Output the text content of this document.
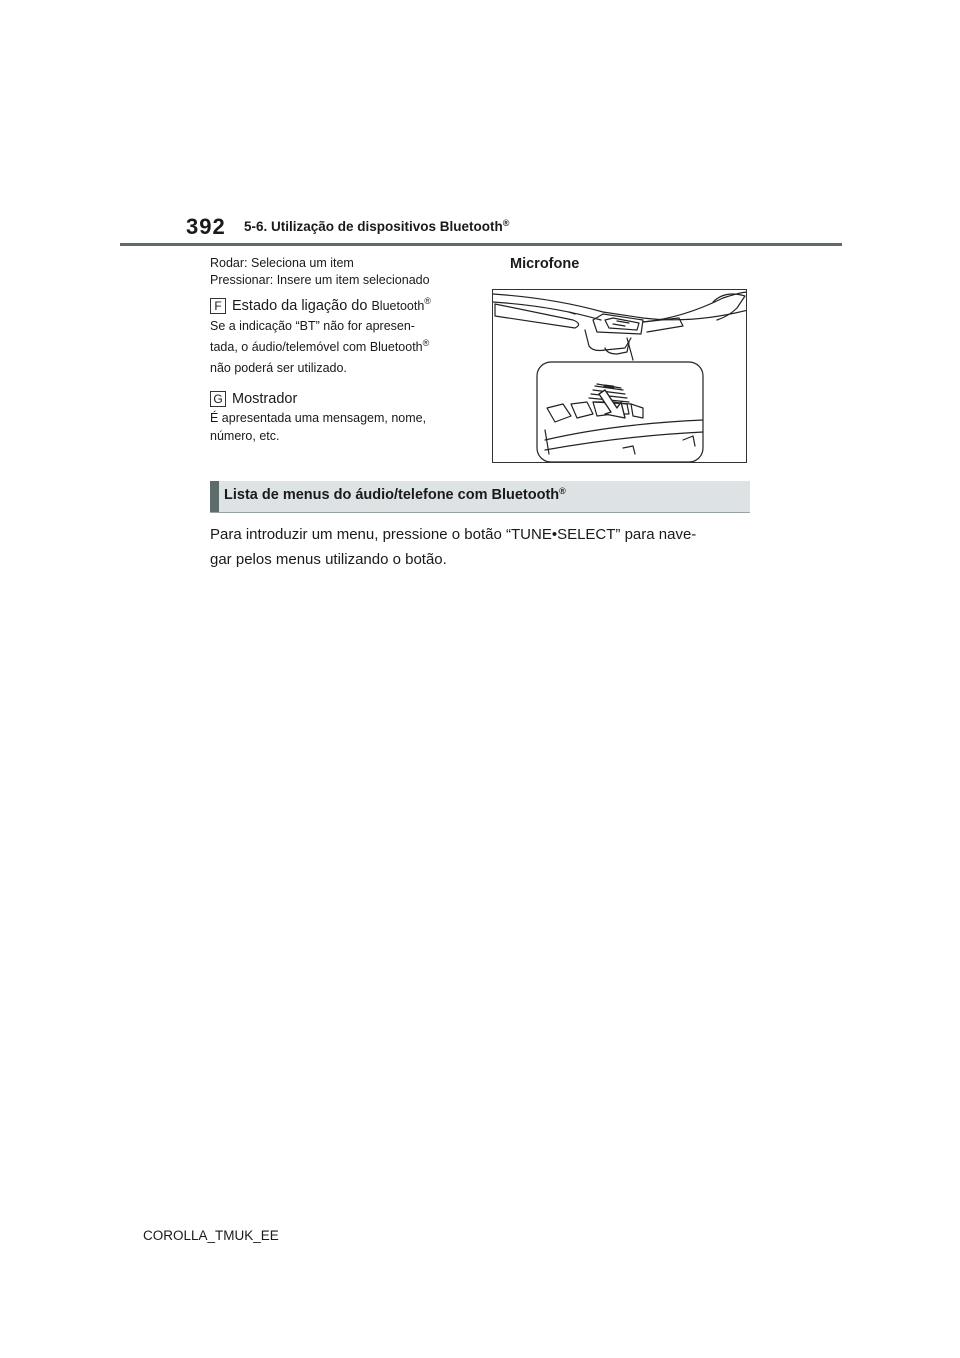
392 5-6. Utilização de dispositivos Bluetooth®

Rodar: Seleciona um item

Pressionar: Insere um item selecionado

F Estado da ligação do
Bluetooth®

Se a indicação “BT” não for apresen-
tada, o áudio/telemóvel com Bluetooth®
não poderá ser utilizado.

G Mostrador

É apresentada uma mensagem, nome,
número, etc.

Microfone
Lista de menus do áudio/telefone com Bluetooth®

Para introduzir um menu, pressione o botão “TUNE•SELECT” para nave-
gar pelos menus utilizando o botão.

COROLLA_TMUK_EE
